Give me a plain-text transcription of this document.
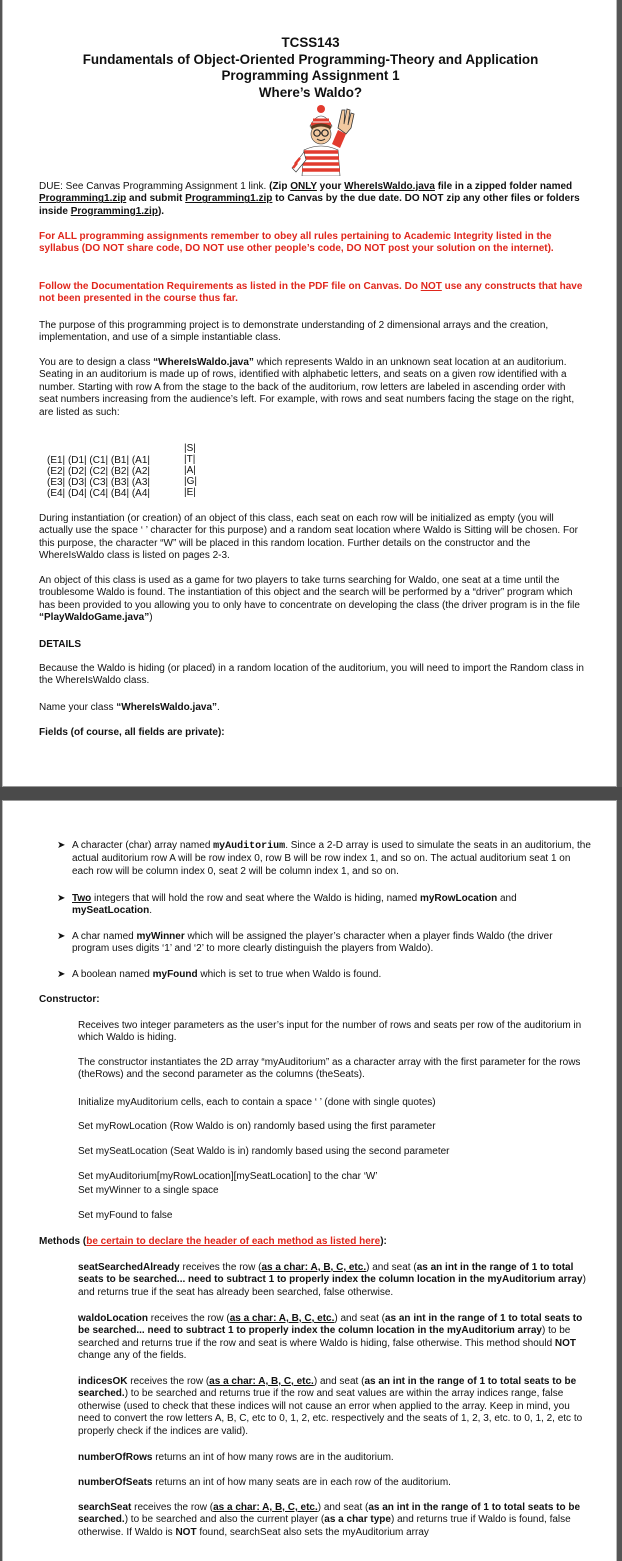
TCSS143
Fundamentals of Object-Oriented Programming-Theory and Application
Programming Assignment 1
Where’s Waldo?

DUE: See Canvas Programming Assignment 1 link. (Zip ONLY your WhereIsWaldo.java file in a zipped folder named Programming1.zip and submit Programming1.zip to Canvas by the due date. DO NOT zip any other files or folders inside Programming1.zip).

For ALL programming assignments remember to obey all rules pertaining to Academic Integrity listed in the syllabus (DO NOT share code, DO NOT use other people’s code, DO NOT post your solution on the internet).

Follow the Documentation Requirements as listed in the PDF file on Canvas. Do NOT use any constructs that have not been presented in the course thus far.

The purpose of this programming project is to demonstrate understanding of 2 dimensional arrays and the creation, implementation, and use of a simple instantiable class.

You are to design a class “WhereIsWaldo.java” which represents Waldo in an unknown seat location at an auditorium. Seating in an auditorium is made up of rows, identified with alphabetic letters, and seats on a given row identified with a number. Starting with row A from the stage to the back of the auditorium, row letters are labeled in ascending order with seat numbers increasing from the audience’s left. For example, with rows and seat numbers facing the stage on the right, are listed as such:

(E1| (D1| (C1| (B1| (A1|
(E2| (D2| (C2| (B2| (A2|
(E3| (D3| (C3| (B3| (A3|
(E4| (D4| (C4| (B4| (A4|
|S|
|T|
|A|
|G|
|E|

During instantiation (or creation) of an object of this class, each seat on each row will be initialized as empty (you will actually use the space ‘ ’ character for this purpose) and a random seat location where Waldo is Sitting will be chosen. For this purpose, the character “W” will be placed in this random location. Further details on the constructor and the WhereIsWaldo class is listed on pages 2-3.

An object of this class is used as a game for two players to take turns searching for Waldo, one seat at a time until the troublesome Waldo is found. The instantiation of this object and the search will be performed by a “driver” program which has been provided to you allowing you to only have to concentrate on developing the class (the driver program is in the file “PlayWaldoGame.java”)

DETAILS

Because the Waldo is hiding (or placed) in a random location of the auditorium, you will need to import the Random class in the WhereIsWaldo class.

Name your class “WhereIsWaldo.java”.

Fields (of course, all fields are private):

➤ A character (char) array named myAuditorium. Since a 2-D array is used to simulate the seats in an auditorium, the actual auditorium row A will be row index 0, row B will be row index 1, and so on. The actual auditorium seat 1 on each row will be column index 0, seat 2 will be column index 1, and so on.

➤ Two integers that will hold the row and seat where the Waldo is hiding, named myRowLocation and mySeatLocation.

➤ A char named myWinner which will be assigned the player’s character when a player finds Waldo (the driver program uses digits ‘1’ and ‘2’ to more clearly distinguish the players from Waldo).

➤ A boolean named myFound which is set to true when Waldo is found.

Constructor:

Receives two integer parameters as the user’s input for the number of rows and seats per row of the auditorium in which Waldo is hiding.

The constructor instantiates the 2D array “myAuditorium” as a character array with the first parameter for the rows (theRows) and the second parameter as the columns (theSeats).

Initialize myAuditorium cells, each to contain a space ‘ ’ (done with single quotes)

Set myRowLocation (Row Waldo is on) randomly based using the first parameter

Set mySeatLocation (Seat Waldo is in) randomly based using the second parameter

Set myAuditorium[myRowLocation][mySeatLocation] to the char ‘W’

Set myWinner to a single space

Set myFound to false

Methods (be certain to declare the header of each method as listed here):

seatSearchedAlready receives the row (as a char: A, B, C, etc.) and seat (as an int in the range of 1 to total seats to be searched... need to subtract 1 to properly index the column location in the myAuditorium array) and returns true if the seat has already been searched, false otherwise.

waldoLocation receives the row (as a char: A, B, C, etc.) and seat (as an int in the range of 1 to total seats to be searched... need to subtract 1 to properly index the column location in the myAuditorium array) to be searched and returns true if the row and seat is where Waldo is hiding, false otherwise. This method should NOT change any of the fields.

indicesOK receives the row (as a char: A, B, C, etc.) and seat (as an int in the range of 1 to total seats to be searched.) to be searched and returns true if the row and seat values are within the array indices range, false otherwise (used to check that these indices will not cause an error when applied to the array. Keep in mind, you need to convert the row letters A, B, C, etc to 0, 1, 2, etc. respectively and the seats of 1, 2, 3, etc. to 0, 1, 2, etc to properly check if the indices are valid).

numberOfRows returns an int of how many rows are in the auditorium.

numberOfSeats returns an int of how many seats are in each row of the auditorium.

searchSeat receives the row (as a char: A, B, C, etc.) and seat (as an int in the range of 1 to total seats to be searched.) to be searched and also the current player (as a char type) and returns true if Waldo is found, false otherwise. If Waldo is NOT found, searchSeat also sets the myAuditorium array
